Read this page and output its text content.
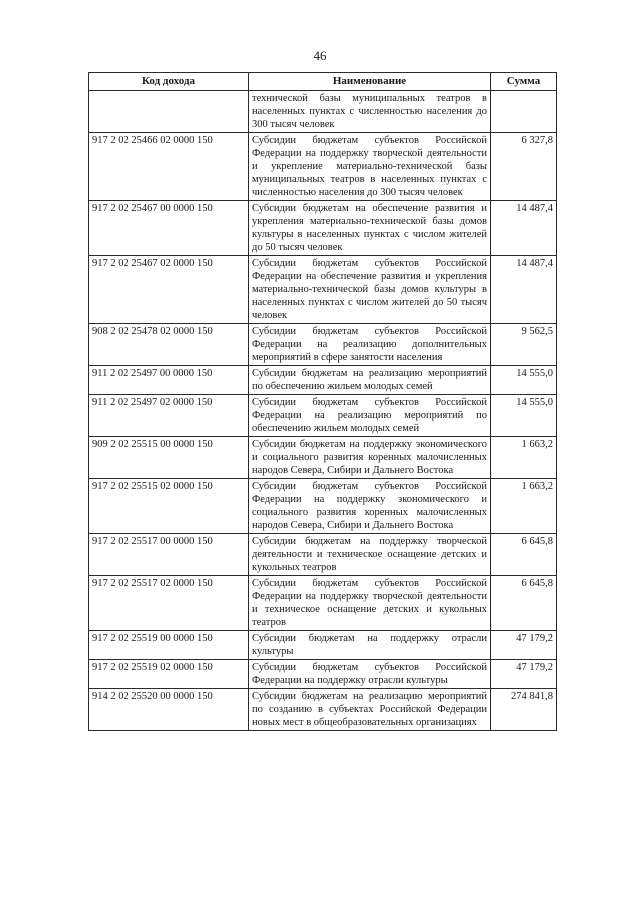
46
Код дохода	Наименование	Сумма
	технической базы муниципальных театров в населенных пунктах с численностью населения до 300 тысяч человек	
917 2 02 25466 02 0000 150	Субсидии бюджетам субъектов Российской Федерации на поддержку творческой деятельности и укрепление материально-технической базы муниципальных театров в населенных пунктах с численностью населения до 300 тысяч человек	6 327,8
917 2 02 25467 00 0000 150	Субсидии бюджетам на обеспечение развития и укрепления материально-технической базы домов культуры в населенных пунктах с числом жителей до 50 тысяч человек	14 487,4
917 2 02 25467 02 0000 150	Субсидии бюджетам субъектов Российской Федерации на обеспечение развития и укрепления материально-технической базы домов культуры в населенных пунктах с числом жителей до 50 тысяч человек	14 487,4
908 2 02 25478 02 0000 150	Субсидии бюджетам субъектов Российской Федерации на реализацию дополнительных мероприятий в сфере занятости населения	9 562,5
911 2 02 25497 00 0000 150	Субсидии бюджетам на реализацию мероприятий по обеспечению жильем молодых семей	14 555,0
911 2 02 25497 02 0000 150	Субсидии бюджетам субъектов Российской Федерации на реализацию мероприятий по обеспечению жильем молодых семей	14 555,0
909 2 02 25515 00 0000 150	Субсидии бюджетам на поддержку экономического и социального развития коренных малочисленных народов Севера, Сибири и Дальнего Востока	1 663,2
917 2 02 25515 02 0000 150	Субсидии бюджетам субъектов Российской Федерации на поддержку экономического и социального развития коренных малочисленных народов Севера, Сибири и Дальнего Востока	1 663,2
917 2 02 25517 00 0000 150	Субсидии бюджетам на поддержку творческой деятельности и техническое оснащение детских и кукольных театров	6 645,8
917 2 02 25517 02 0000 150	Субсидии бюджетам субъектов Российской Федерации на поддержку творческой деятельности и техническое оснащение детских и кукольных театров	6 645,8
917 2 02 25519 00 0000 150	Субсидии бюджетам на поддержку отрасли культуры	47 179,2
917 2 02 25519 02 0000 150	Субсидии бюджетам субъектов Российской Федерации на поддержку отрасли культуры	47 179,2
914 2 02 25520 00 0000 150	Субсидии бюджетам на реализацию мероприятий по созданию в субъектах Российской Федерации новых мест в общеобразовательных организациях	274 841,8
